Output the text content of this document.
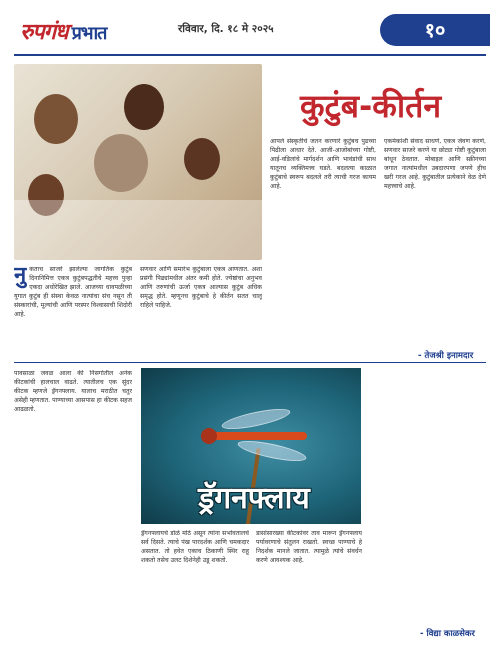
रुपगंध प्रभात	रविवार, दि. १८ मे २०२५	१०
कुटुंब-कीर्तन
आपले संस्कृतीचे जतन करणारे कुटुंबच पुढच्या पिढीला आधार देते. आजी-आजोबांच्या गोष्टी, आई-वडिलांचे मार्गदर्शन आणि भावंडांची साथ यातूनच व्यक्तिमत्त्व घडते. बदलत्या काळात कुटुंबाचे स्वरूप बदलले तरी त्याची गरज कायम आहे.
एकमेकांशी संवाद साधणे, एकत्र जेवण करणे, सणवार साजरे करणे या छोट्या गोष्टी कुटुंबाला बांधून ठेवतात. मोबाइल आणि स्क्रीनच्या जगात नात्यांमधील उबदारपणा जपणे हीच खरी गरज आहे. कुटुंबातील प्रत्येकाने वेळ देणे महत्त्वाचे आहे.
नु कताच साजरे झालेल्या जागतिक कुटुंब दिनानिमित्त एकत्र कुटुंबपद्धतीचे महत्त्व पुन्हा एकदा अधोरेखित झाले. आजच्या धावपळीच्या युगात कुटुंब ही संस्था केवळ नात्यांचा संच नसून ती संस्कारांची, मूल्यांची आणि परस्पर विश्वासाची शिदोरी आहे.
सणवार आणि समारंभ कुटुंबाला एकत्र आणतात. अशा प्रसंगी पिढ्यांमधील अंतर कमी होते. ज्येष्ठांचा अनुभव आणि तरुणांची ऊर्जा एकत्र आल्यास कुटुंब अधिक समृद्ध होते. म्हणूनच कुटुंबाचे हे कीर्तन सतत चालू राहिले पाहिजे.
- तेजश्री इनामदार
पावसाळा जवळ आला की निसर्गातील अनेक कीटकांची हालचाल वाढते. त्यातीलच एक सुंदर कीटक म्हणजे ड्रॅगनफ्लाय. यालाच मराठीत चतुर असेही म्हणतात. पाण्याच्या आसपास हा कीटक सहज आढळतो.
ड्रॅगनफ्लाय
ड्रॅगनफ्लायचे डोळे मोठे असून त्यांना सभोवतालचे सर्व दिसते. त्याचे पंख पारदर्शक आणि चमकदार असतात. तो हवेत एकाच ठिकाणी स्थिर राहू शकतो तसेच उलट दिशेनेही उडू शकतो.
डासांसारख्या कीटकांवर ताव मारून ड्रॅगनफ्लाय पर्यावरणाचे संतुलन राखतो. स्वच्छ पाण्याचे हे निदर्शक मानले जातात. त्यामुळे त्यांचे संवर्धन करणे आवश्यक आहे.
- विद्या काळसेकर
